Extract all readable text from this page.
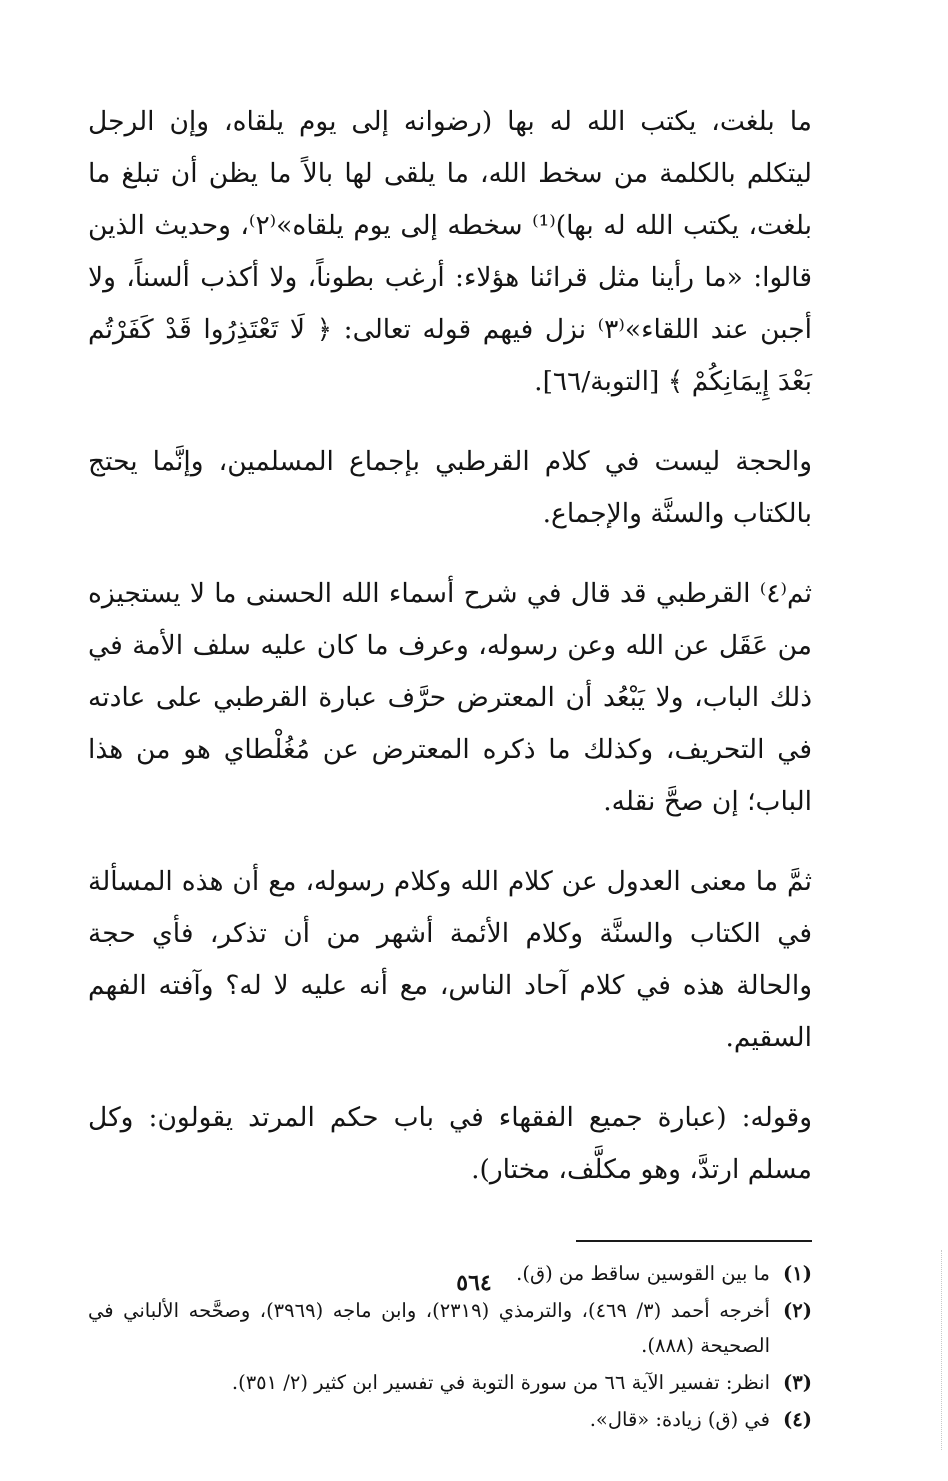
ما بلغت، يكتب الله له بها (رضوانه إلى يوم يلقاه، وإن الرجل ليتكلم بالكلمة من سخط الله، ما يلقى لها بالاً ما يظن أن تبلغ ما بلغت، يكتب الله له بها)⁽¹⁾ سخطه إلى يوم يلقاه»⁽٢⁾، وحديث الذين قالوا: «ما رأينا مثل قرائنا هؤلاء: أرغب بطوناً، ولا أكذب ألسناً، ولا أجبن عند اللقاء»⁽٣⁾ نزل فيهم قوله تعالى: ﴿ لَا تَعْتَذِرُوا قَدْ كَفَرْتُم بَعْدَ إِيمَانِكُمْ ﴾ [التوبة/٦٦].

والحجة ليست في كلام القرطبي بإجماع المسلمين، وإنَّما يحتج بالكتاب والسنَّة والإجماع.

ثم⁽٤⁾ القرطبي قد قال في شرح أسماء الله الحسنى ما لا يستجيزه من عَقَل عن الله وعن رسوله، وعرف ما كان عليه سلف الأمة في ذلك الباب، ولا يَبْعُد أن المعترض حرَّف عبارة القرطبي على عادته في التحريف، وكذلك ما ذكره المعترض عن مُغُلْطاي هو من هذا الباب؛ إن صحَّ نقله.

ثمَّ ما معنى العدول عن كلام الله وكلام رسوله، مع أن هذه المسألة في الكتاب والسنَّة وكلام الأئمة أشهر من أن تذكر، فأي حجة والحالة هذه في كلام آحاد الناس، مع أنه عليه لا له؟ وآفته الفهم السقيم.

وقوله: (عبارة جميع الفقهاء في باب حكم المرتد يقولون: وكل مسلم ارتدَّ، وهو مكلَّف، مختار).

(١)
ما بين القوسين ساقط من (ق).
(٢)
أخرجه أحمد (٣/ ٤٦٩)، والترمذي (٢٣١٩)، وابن ماجه (٣٩٦٩)، وصحَّحه الألباني في الصحيحة (٨٨٨).
(٣)
انظر: تفسير الآية ٦٦ من سورة التوبة في تفسير ابن كثير (٢/ ٣٥١).
(٤)
في (ق) زيادة: «قال».
٥٦٤
